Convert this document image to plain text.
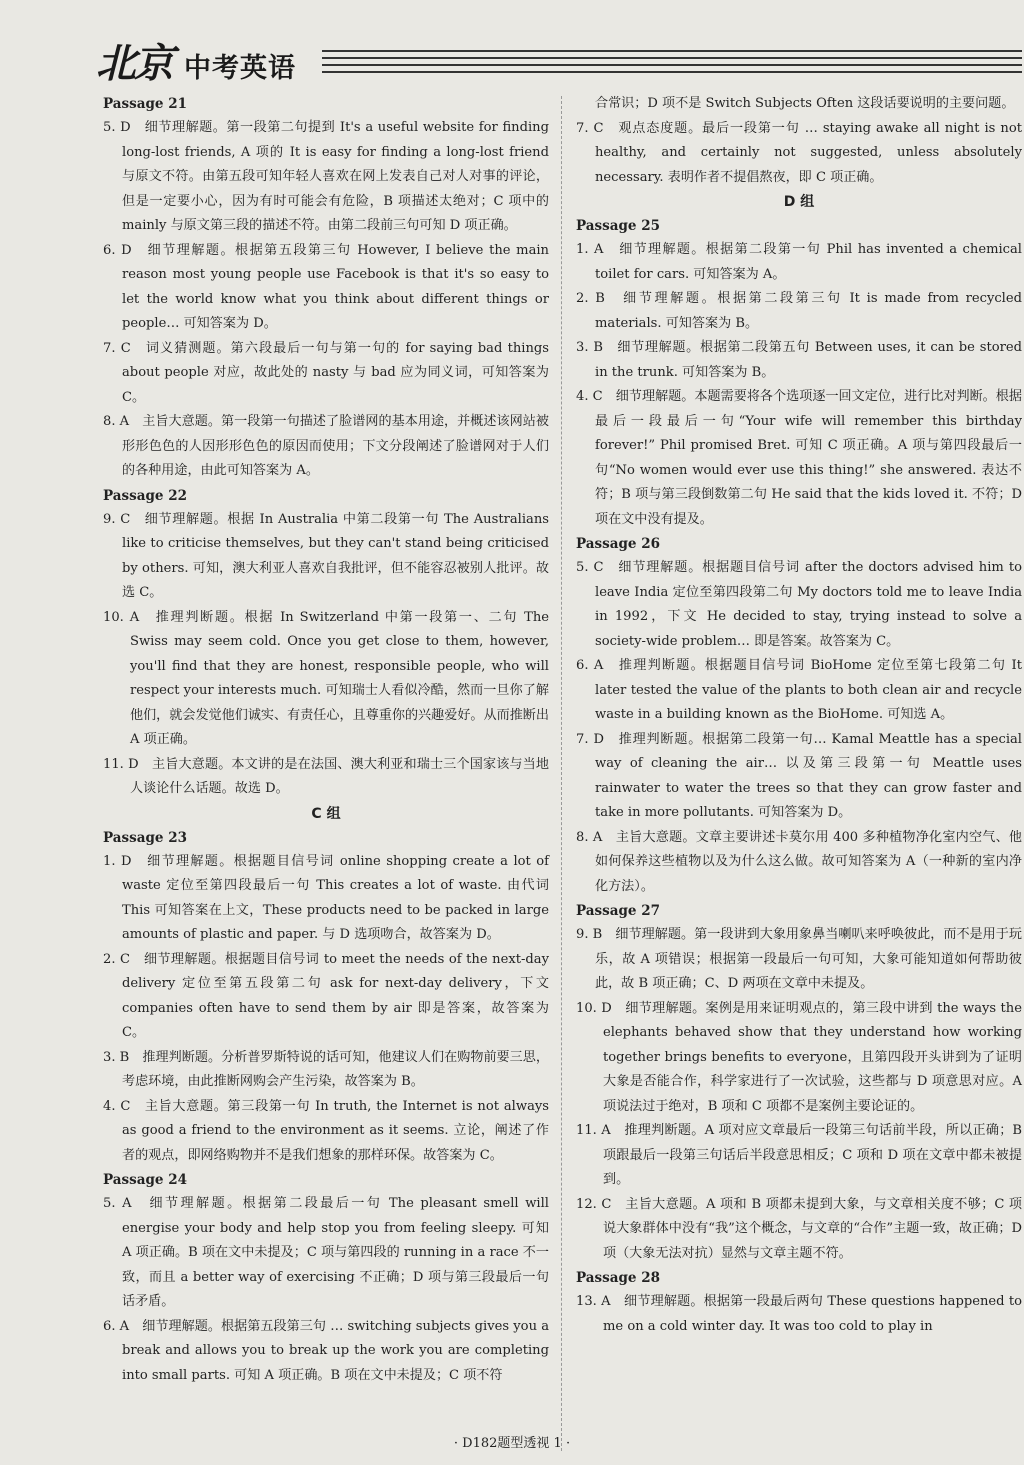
北京 中考英语

Passage 21

5. D　细节理解题。第一段第二句提到 It's a useful website for finding long-lost friends, A 项的 It is easy for finding a long-lost friend 与原文不符。由第五段可知年轻人喜欢在网上发表自己对人对事的评论，但是一定要小心，因为有时可能会有危险，B 项描述太绝对；C 项中的 mainly 与原文第三段的描述不符。由第二段前三句可知 D 项正确。

6. D　细节理解题。根据第五段第三句 However, I believe the main reason most young people use Facebook is that it's so easy to let the world know what you think about different things or people… 可知答案为 D。

7. C　词义猜测题。第六段最后一句与第一句的 for saying bad things about people 对应，故此处的 nasty 与 bad 应为同义词，可知答案为 C。

8. A　主旨大意题。第一段第一句描述了脸谱网的基本用途，并概述该网站被形形色色的人因形形色色的原因而使用；下文分段阐述了脸谱网对于人们的各种用途，由此可知答案为 A。

Passage 22

9. C　细节理解题。根据 In Australia 中第二段第一句 The Australians like to criticise themselves, but they can't stand being criticised by others. 可知，澳大利亚人喜欢自我批评，但不能容忍被别人批评。故选 C。

10. A　推理判断题。根据 In Switzerland 中第一段第一、二句 The Swiss may seem cold. Once you get close to them, however, you'll find that they are honest, responsible people, who will respect your interests much. 可知瑞士人看似冷酷，然而一旦你了解他们，就会发觉他们诚实、有责任心，且尊重你的兴趣爱好。从而推断出 A 项正确。

11. D　主旨大意题。本文讲的是在法国、澳大利亚和瑞士三个国家该与当地人谈论什么话题。故选 D。

C 组

Passage 23

1. D　细节理解题。根据题目信号词 online shopping create a lot of waste 定位至第四段最后一句 This creates a lot of waste. 由代词 This 可知答案在上文，These products need to be packed in large amounts of plastic and paper. 与 D 选项吻合，故答案为 D。

2. C　细节理解题。根据题目信号词 to meet the needs of the next-day delivery 定位至第五段第二句 ask for next-day delivery，下文 companies often have to send them by air 即是答案，故答案为 C。

3. B　推理判断题。分析普罗斯特说的话可知，他建议人们在购物前要三思，考虑环境，由此推断网购会产生污染，故答案为 B。

4. C　主旨大意题。第三段第一句 In truth, the Internet is not always as good a friend to the environment as it seems. 立论，阐述了作者的观点，即网络购物并不是我们想象的那样环保。故答案为 C。

Passage 24

5. A　细节理解题。根据第二段最后一句 The pleasant smell will energise your body and help stop you from feeling sleepy. 可知 A 项正确。B 项在文中未提及；C 项与第四段的 running in a race 不一致，而且 a better way of exercising 不正确；D 项与第三段最后一句话矛盾。

6. A　细节理解题。根据第五段第三句 … switching subjects gives you a break and allows you to break up the work you are completing into small parts. 可知 A 项正确。B 项在文中未提及；C 项不符

合常识；D 项不是 Switch Subjects Often 这段话要说明的主要问题。

7. C　观点态度题。最后一段第一句 … staying awake all night is not healthy, and certainly not suggested, unless absolutely necessary. 表明作者不提倡熬夜，即 C 项正确。

D 组

Passage 25

1. A　细节理解题。根据第二段第一句 Phil has invented a chemical toilet for cars. 可知答案为 A。

2. B　细节理解题。根据第二段第三句 It is made from recycled materials. 可知答案为 B。

3. B　细节理解题。根据第二段第五句 Between uses, it can be stored in the trunk. 可知答案为 B。

4. C　细节理解题。本题需要将各个选项逐一回文定位，进行比对判断。根据最后一段最后一句“Your wife will remember this birthday forever!” Phil promised Bret. 可知 C 项正确。A 项与第四段最后一句“No women would ever use this thing!” she answered. 表达不符；B 项与第三段倒数第二句 He said that the kids loved it. 不符；D 项在文中没有提及。

Passage 26

5. C　细节理解题。根据题目信号词 after the doctors advised him to leave India 定位至第四段第二句 My doctors told me to leave India in 1992，下文 He decided to stay, trying instead to solve a society-wide problem… 即是答案。故答案为 C。

6. A　推理判断题。根据题目信号词 BioHome 定位至第七段第二句 It later tested the value of the plants to both clean air and recycle waste in a building known as the BioHome. 可知选 A。

7. D　推理判断题。根据第二段第一句… Kamal Meattle has a special way of cleaning the air… 以及第三段第一句 Meattle uses rainwater to water the trees so that they can grow faster and take in more pollutants. 可知答案为 D。

8. A　主旨大意题。文章主要讲述卡莫尔用 400 多种植物净化室内空气、他如何保养这些植物以及为什么这么做。故可知答案为 A（一种新的室内净化方法）。

Passage 27

9. B　细节理解题。第一段讲到大象用象鼻当喇叭来呼唤彼此，而不是用于玩乐，故 A 项错误；根据第一段最后一句可知，大象可能知道如何帮助彼此，故 B 项正确；C、D 两项在文章中未提及。

10. D　细节理解题。案例是用来证明观点的，第三段中讲到 the ways the elephants behaved show that they understand how working together brings benefits to everyone，且第四段开头讲到为了证明大象是否能合作，科学家进行了一次试验，这些都与 D 项意思对应。A 项说法过于绝对，B 项和 C 项都不是案例主要论证的。

11. A　推理判断题。A 项对应文章最后一段第三句话前半段，所以正确；B 项跟最后一段第三句话后半段意思相反；C 项和 D 项在文章中都未被提到。

12. C　主旨大意题。A 项和 B 项都未提到大象，与文章相关度不够；C 项说大象群体中没有“我”这个概念，与文章的“合作”主题一致，故正确；D 项（大象无法对抗）显然与文章主题不符。

Passage 28

13. A　细节理解题。根据第一段最后两句 These questions happened to me on a cold winter day. It was too cold to play in

· D182题型透视 1 ·
